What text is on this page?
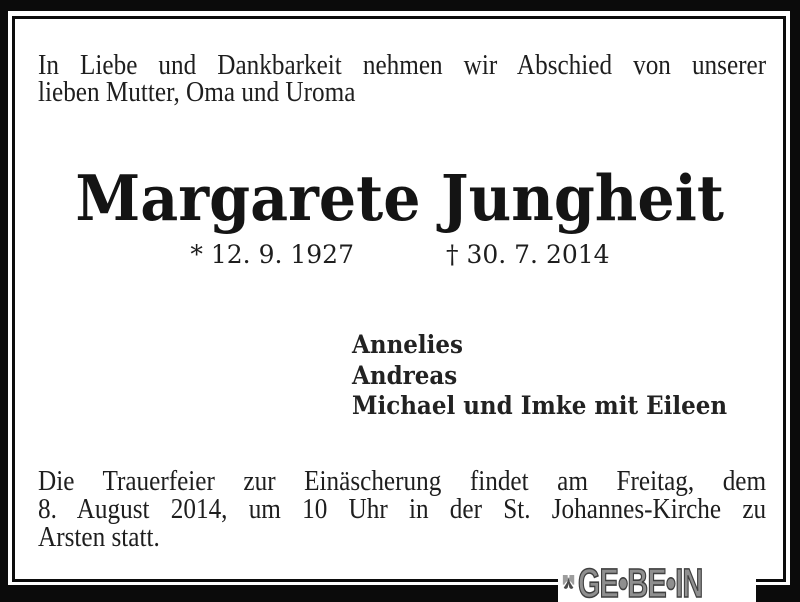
In Liebe und Dankbarkeit nehmen wir Abschied von unserer
lieben Mutter, Oma und Uroma
Margarete Jungheit
* 12. 9. 1927	† 30. 7. 2014
Annelies
Andreas
Michael und Imke mit Eileen
Die Trauerfeier zur Einäscherung findet am Freitag, dem
8. August 2014, um 10 Uhr in der St. Johannes-Kirche zu
Arsten statt.
GE•BE•IN
